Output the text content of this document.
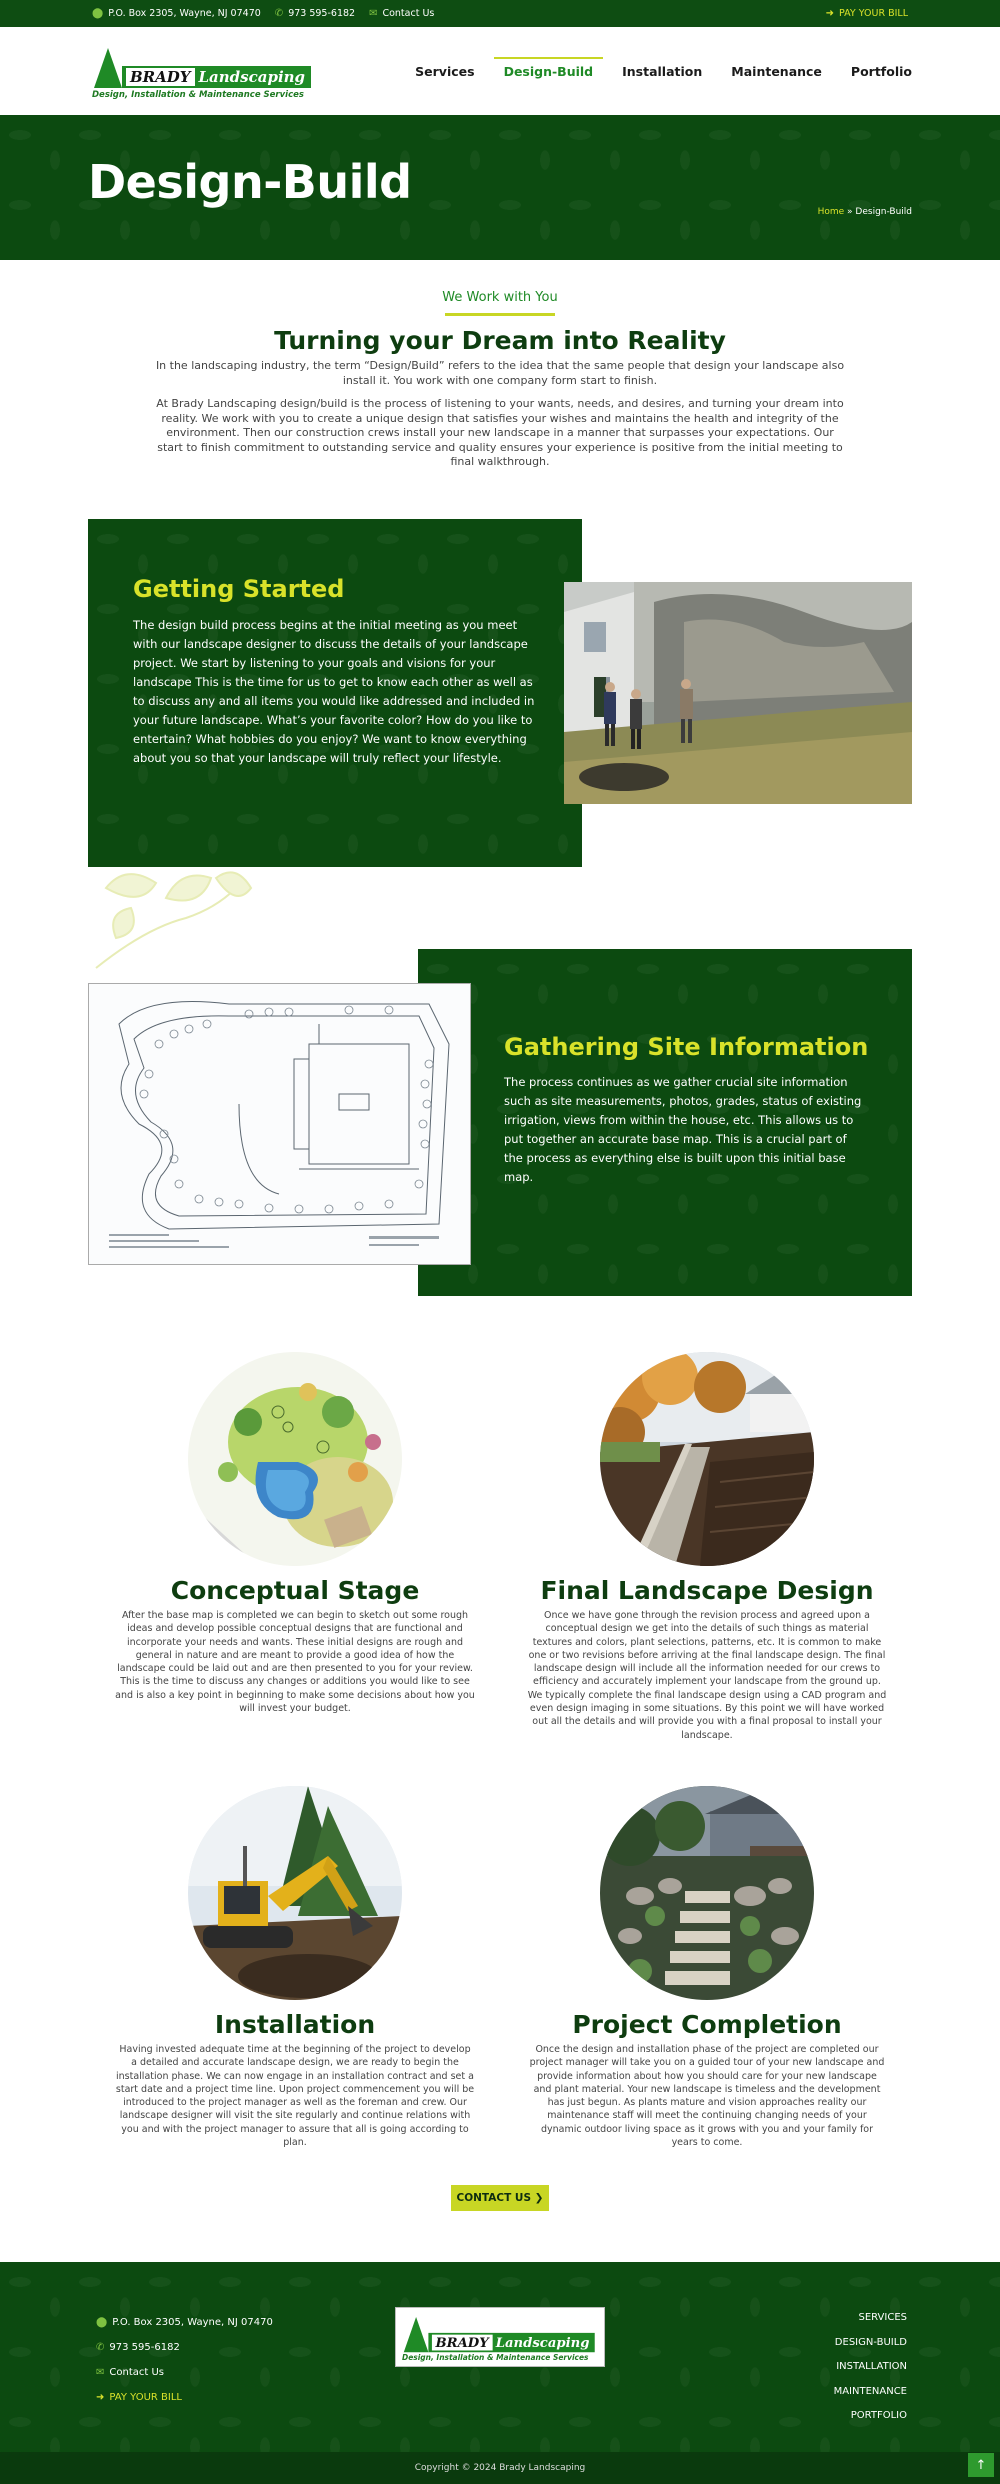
⬤ P.O. Box 2305, Wayne, NJ 07470 ✆ 973 595-6182 ✉ Contact Us	➜ PAY YOUR BILL
BRADY Landscaping
Design, Installation & Maintenance Services
Services Design-Build Installation Maintenance Portfolio
Design-Build
Home » Design-Build
We Work with You
Turning your Dream into Reality

In the landscaping industry, the term “Design/Build” refers to the idea that the same people that design your landscape also install it. You work with one company form start to finish.

At Brady Landscaping design/build is the process of listening to your wants, needs, and desires, and turning your dream into reality. We work with you to create a unique design that satisfies your wishes and maintains the health and integrity of the environment. Then our construction crews install your new landscape in a manner that surpasses your expectations. Our start to finish commitment to outstanding service and quality ensures your experience is positive from the initial meeting to final walkthrough.

Getting Started

The design build process begins at the initial meeting as you meet with our landscape designer to discuss the details of your landscape project. We start by listening to your goals and visions for your landscape This is the time for us to get to know each other as well as to discuss any and all items you would like addressed and included in your future landscape. What’s your favorite color? How do you like to entertain? What hobbies do you enjoy? We want to know everything about you so that your landscape will truly reflect your lifestyle.

Gathering Site Information

The process continues as we gather crucial site information such as site measurements, photos, grades, status of existing irrigation, views from within the house, etc. This allows us to put together an accurate base map. This is a crucial part of the process as everything else is built upon this initial base map.

Conceptual Stage

After the base map is completed we can begin to sketch out some rough ideas and develop possible conceptual designs that are functional and incorporate your needs and wants. These initial designs are rough and general in nature and are meant to provide a good idea of how the landscape could be laid out and are then presented to you for your review. This is the time to discuss any changes or additions you would like to see and is also a key point in beginning to make some decisions about how you will invest your budget.

Final Landscape Design

Once we have gone through the revision process and agreed upon a conceptual design we get into the details of such things as material textures and colors, plant selections, patterns, etc. It is common to make one or two revisions before arriving at the final landscape design. The final landscape design will include all the information needed for our crews to efficiency and accurately implement your landscape from the ground up. We typically complete the final landscape design using a CAD program and even design imaging in some situations. By this point we will have worked out all the details and will provide you with a final proposal to install your landscape.

Installation

Having invested adequate time at the beginning of the project to develop a detailed and accurate landscape design, we are ready to begin the installation phase. We can now engage in an installation contract and set a start date and a project time line. Upon project commencement you will be introduced to the project manager as well as the foreman and crew. Our landscape designer will visit the site regularly and continue relations with you and with the project manager to assure that all is going according to plan.

Project Completion

Once the design and installation phase of the project are completed our project manager will take you on a guided tour of your new landscape and provide information about how you should care for your new landscape and plant material. Your new landscape is timeless and the development has just begun. As plants mature and vision approaches reality our maintenance staff will meet the continuing changing needs of your dynamic outdoor living space as it grows with you and your family for years to come.

CONTACT US ❯
⬤ P.O. Box 2305, Wayne, NJ 07470
✆ 973 595-6182
✉ Contact Us
➜ PAY YOUR BILL
BRADY Landscaping
Design, Installation & Maintenance Services
SERVICES
DESIGN-BUILD
INSTALLATION
MAINTENANCE
PORTFOLIO
Copyright © 2024 Brady Landscaping	↑
